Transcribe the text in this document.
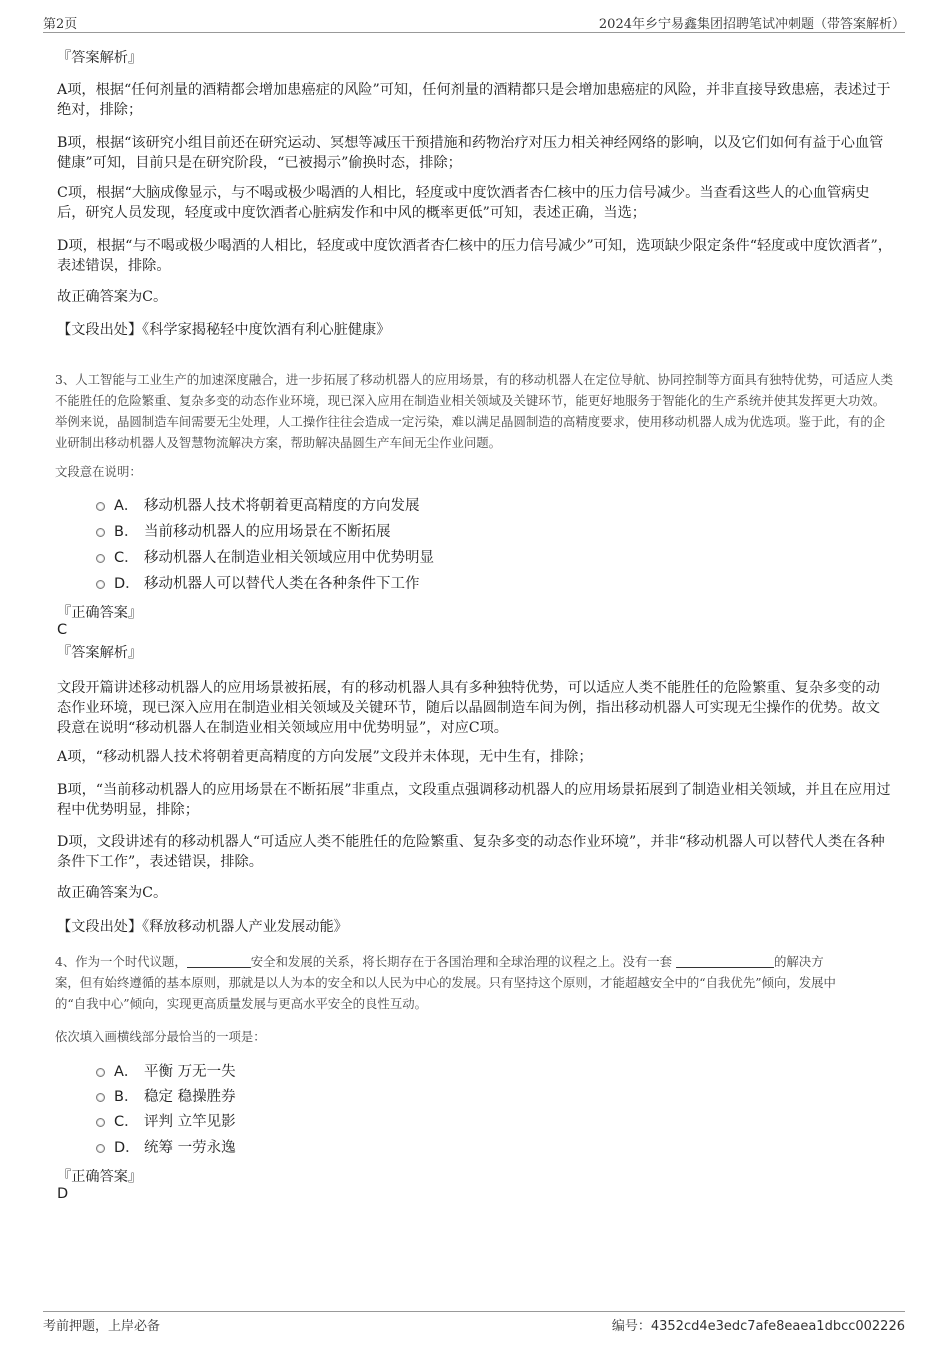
第2页	2024年乡宁易鑫集团招聘笔试冲刺题（带答案解析）
『答案解析』

A项，根据“任何剂量的酒精都会增加患癌症的风险”可知，任何剂量的酒精都只是会增加患癌症的风险，并非直接导致患癌，表述过于绝对，排除；

B项，根据“该研究小组目前还在研究运动、冥想等减压干预措施和药物治疗对压力相关神经网络的影响，以及它们如何有益于心血管健康”可知，目前只是在研究阶段，“已被揭示”偷换时态，排除；

C项，根据“大脑成像显示，与不喝或极少喝酒的人相比，轻度或中度饮酒者杏仁核中的压力信号减少。当查看这些人的心血管病史后，研究人员发现，轻度或中度饮酒者心脏病发作和中风的概率更低”可知，表述正确，当选；

D项，根据“与不喝或极少喝酒的人相比，轻度或中度饮酒者杏仁核中的压力信号减少”可知，选项缺少限定条件“轻度或中度饮酒者”，表述错误，排除。

故正确答案为C。

【文段出处】《科学家揭秘轻中度饮酒有利心脏健康》

3、人工智能与工业生产的加速深度融合，进一步拓展了移动机器人的应用场景，有的移动机器人在定位导航、协同控制等方面具有独特优势，可适应人类不能胜任的危险繁重、复杂多变的动态作业环境，现已深入应用在制造业相关领域及关键环节，能更好地服务于智能化的生产系统并使其发挥更大功效。举例来说，晶圆制造车间需要无尘处理，人工操作往往会造成一定污染，难以满足晶圆制造的高精度要求，使用移动机器人成为优选项。鉴于此，有的企业研制出移动机器人及智慧物流解决方案，帮助解决晶圆生产车间无尘作业问题。

文段意在说明：

A． 移动机器人技术将朝着更高精度的方向发展
B． 当前移动机器人的应用场景在不断拓展
C． 移动机器人在制造业相关领域应用中优势明显
D． 移动机器人可以替代人类在各种条件下工作
『正确答案』
C
『答案解析』

文段开篇讲述移动机器人的应用场景被拓展，有的移动机器人具有多种独特优势，可以适应人类不能胜任的危险繁重、复杂多变的动态作业环境，现已深入应用在制造业相关领域及关键环节，随后以晶圆制造车间为例，指出移动机器人可实现无尘操作的优势。故文段意在说明“移动机器人在制造业相关领域应用中优势明显”，对应C项。

A项，“移动机器人技术将朝着更高精度的方向发展”文段并未体现，无中生有，排除；

B项，“当前移动机器人的应用场景在不断拓展”非重点，文段重点强调移动机器人的应用场景拓展到了制造业相关领域，并且在应用过程中优势明显，排除；

D项，文段讲述有的移动机器人“可适应人类不能胜任的危险繁重、复杂多变的动态作业环境”，并非“移动机器人可以替代人类在各种条件下工作”，表述错误，排除。

故正确答案为C。

【文段出处】《释放移动机器人产业发展动能》

4、作为一个时代议题，	安全和发展的关系，将长期存在于各国治理和全球治理的议程之上。没有一套	的解决方
案，但有始终遵循的基本原则，那就是以人为本的安全和以人民为中心的发展。只有坚持这个原则，才能超越安全中的“自我优先”倾向，发展中
的“自我中心”倾向，实现更高质量发展与更高水平安全的良性互动。

依次填入画横线部分最恰当的一项是：

A． 平衡 万无一失
B． 稳定 稳操胜券
C． 评判 立竿见影
D． 统筹 一劳永逸
『正确答案』
D
考前押题，上岸必备	编号：4352cd4e3edc7afe8eaea1dbcc002226
